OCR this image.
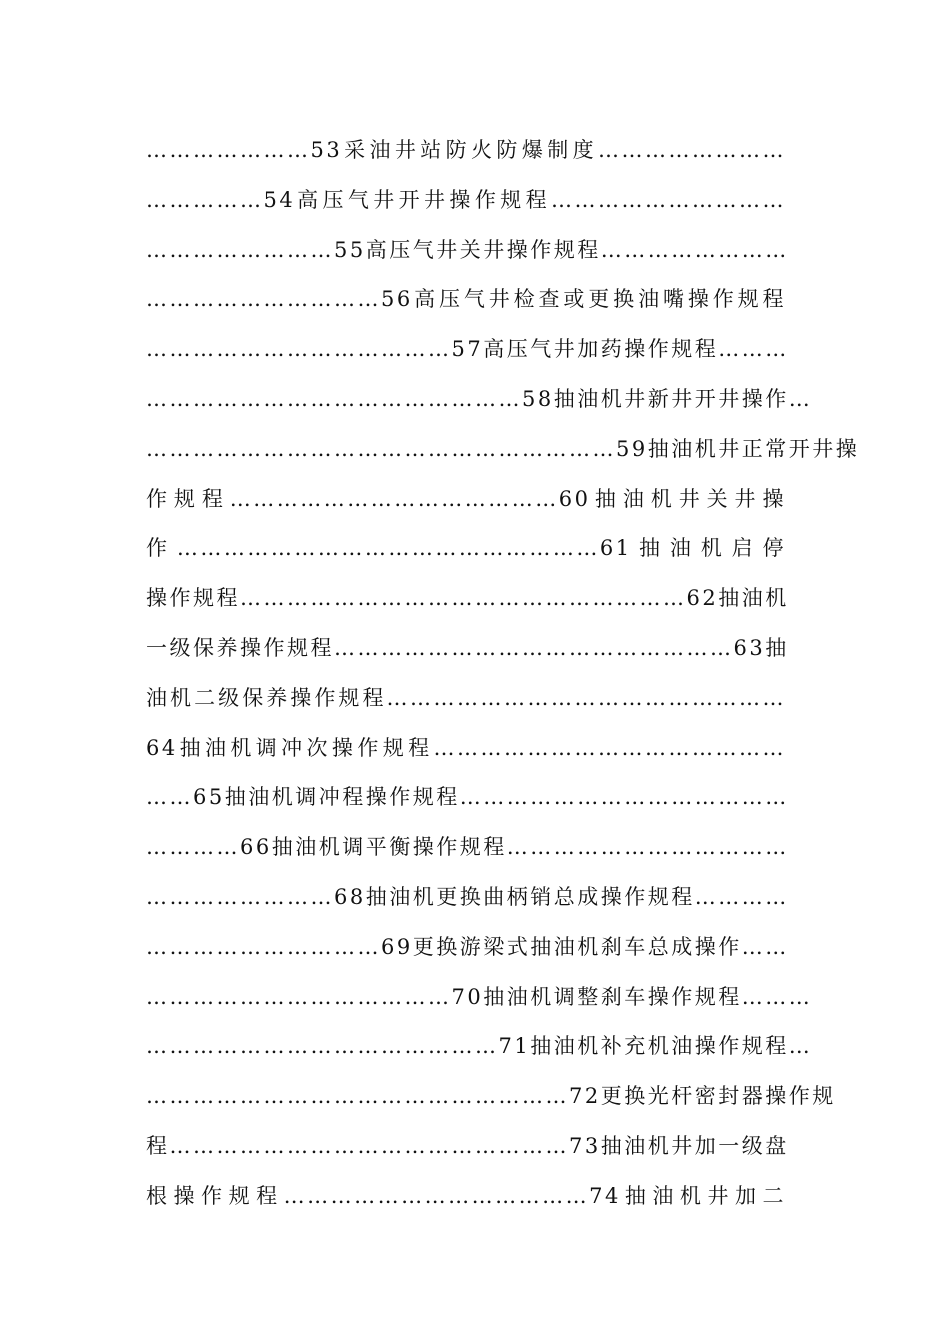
…………………53采油井站防火防爆制度……………………
……………54高压气井开井操作规程…………………………
……………………55高压气井关井操作规程……………………
…………………………56高压气井检查或更换油嘴操作规程
…………………………………57高压气井加药操作规程………
…………………………………………58抽油机井新井开井操作…
……………………………………………………59抽油机井正常开井操
作规程……………………………………60抽油机井关井操
作………………………………………………61抽油机启停
操作规程…………………………………………………62抽油机
一级保养操作规程……………………………………………63抽
油机二级保养操作规程……………………………………………
64抽油机调冲次操作规程………………………………………
……65抽油机调冲程操作规程……………………………………
…………66抽油机调平衡操作规程………………………………
……………………68抽油机更换曲柄销总成操作规程…………
…………………………69更换游梁式抽油机刹车总成操作……
…………………………………70抽油机调整刹车操作规程………
………………………………………71抽油机补充机油操作规程…
………………………………………………72更换光杆密封器操作规
程……………………………………………73抽油机井加一级盘
根操作规程…………………………………74抽油机井加二
